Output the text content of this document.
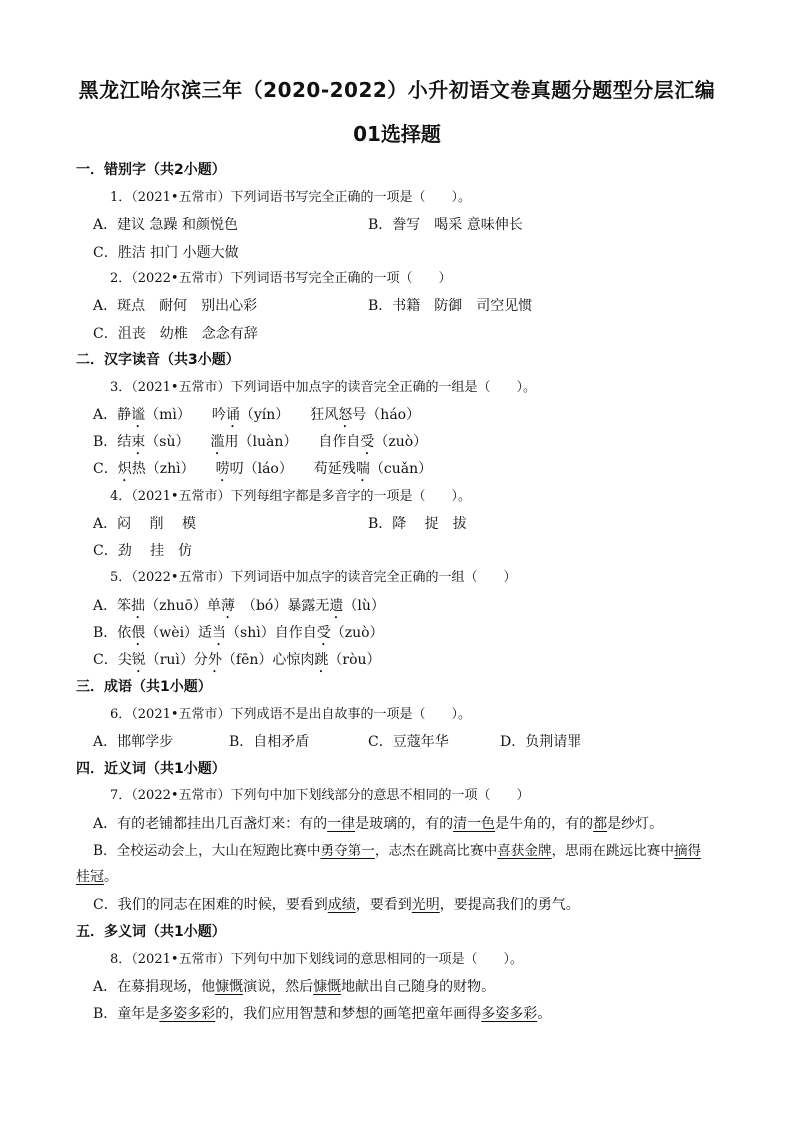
黑龙江哈尔滨三年（2020-2022）小升初语文卷真题分题型分层汇编
01选择题
一．错别字（共2小题）
1．（2021•五常市）下列词语书写完全正确的一项是（　　）。
A．建议 急躁 和颜悦色	B．誊写　喝采 意味伸长
C．胜洁 扣门 小题大做
2．（2022•五常市）下列词语书写完全正确的一项（　　）
A．斑点　耐何　别出心彩	B．书籍　防御　司空见惯
C．沮丧　幼椎　念念有辞
二．汉字读音（共3小题）
3．（2021•五常市）下列词语中加点字的读音完全正确的一组是（　　）。
A．静谧（mì）　　吟诵（yín）　　狂风怒号（háo）
B．结束（sù）　　滥用（luàn）　　自作自受（zuò）
C．炽热（zhì）　　唠叨（láo）　　苟延残喘（cuǎn）
4．（2021•五常市）下列每组字都是多音字的一项是（　　）。
A．闷　 削　 模	B．降　 捉　拔
C．劲　 挂　仿
5．（2022•五常市）下列词语中加点字的读音完全正确的一组（　　）
A．笨拙（zhuō）单薄　（bó）暴露无遗（lù）
B．依偎（wèi）适当（shì）自作自受（zuò）
C．尖锐（ruì）分外（fēn）心惊肉跳（ròu）
三．成语（共1小题）
6．（2021•五常市）下列成语不是出自故事的一项是（　　）。
A．邯郸学步	B．自相矛盾	C．豆蔻年华	D．负荆请罪
四．近义词（共1小题）
7．（2022•五常市）下列句中加下划线部分的意思不相同的一项（　　）
A．有的老铺都挂出几百盏灯来：有的一律是玻璃的，有的清一色是牛角的，有的都是纱灯。
B．全校运动会上，大山在短跑比赛中勇夺第一，志杰在跳高比赛中喜获金牌，思雨在跳远比赛中摘得
桂冠。
C．我们的同志在困难的时候，要看到成绩，要看到光明，要提高我们的勇气。
五．多义词（共1小题）
8．（2021•五常市）下列句中加下划线词的意思相同的一项是（　　）。
A．在募捐现场，他慷慨演说，然后慷慨地献出自己随身的财物。
B．童年是多姿多彩的，我们应用智慧和梦想的画笔把童年画得多姿多彩。
